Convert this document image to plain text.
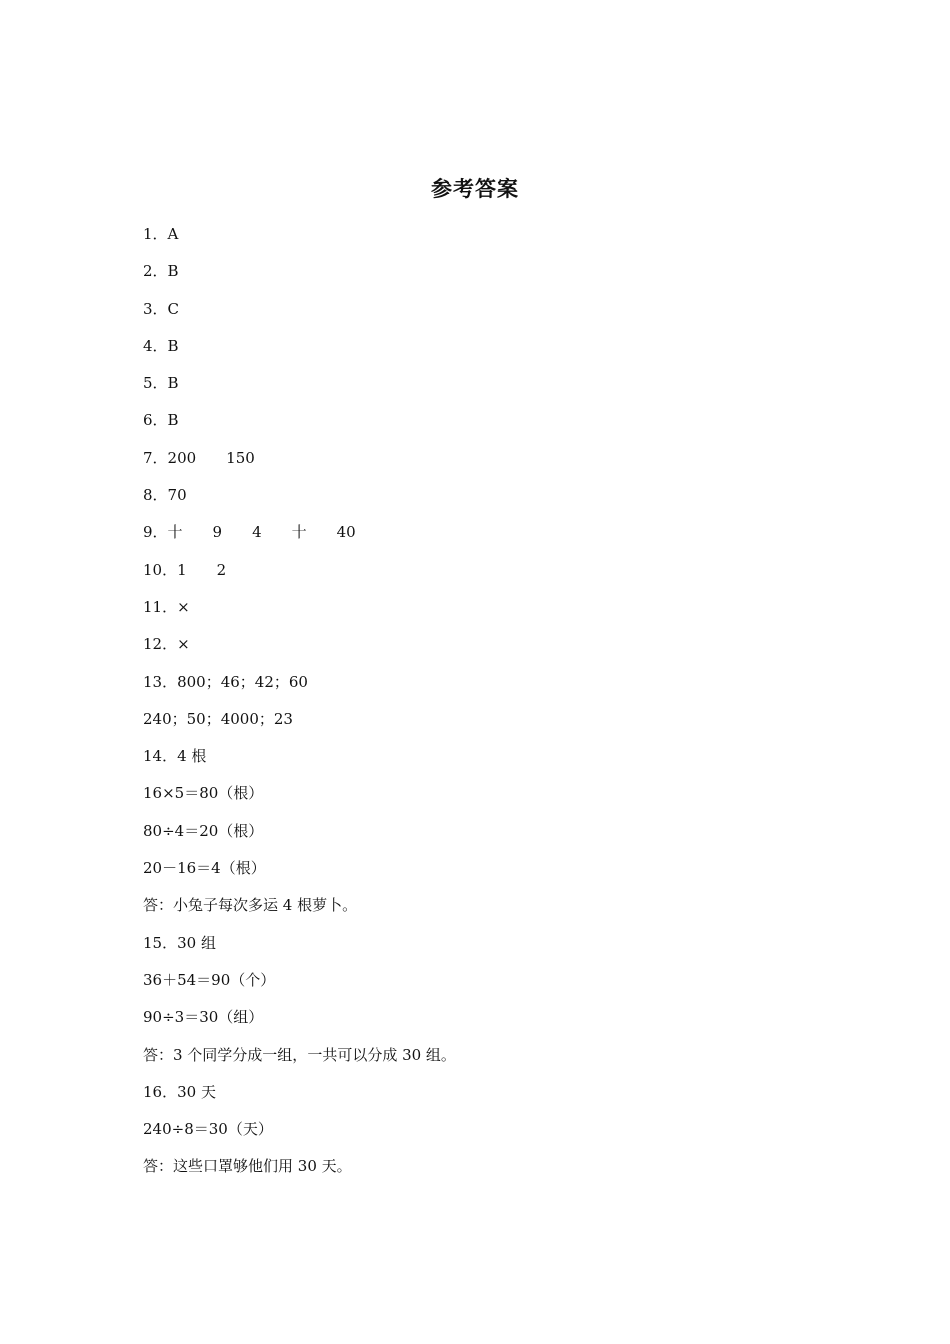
参考答案
1．A
2．B
3．C
4．B
5．B
6．B
7．200　　150
8．70
9．十　　9　　4　　十　　40
10．1　　2
11．×
12．×
13．800；46；42；60
240；50；4000；23
14．4 根
16×5＝80（根）
80÷4＝20（根）
20－16＝4（根）
答：小兔子每次多运 4 根萝卜。
15．30 组
36＋54＝90（个）
90÷3＝30（组）
答：3 个同学分成一组，一共可以分成 30 组。
16．30 天
240÷8＝30（天）
答：这些口罩够他们用 30 天。
